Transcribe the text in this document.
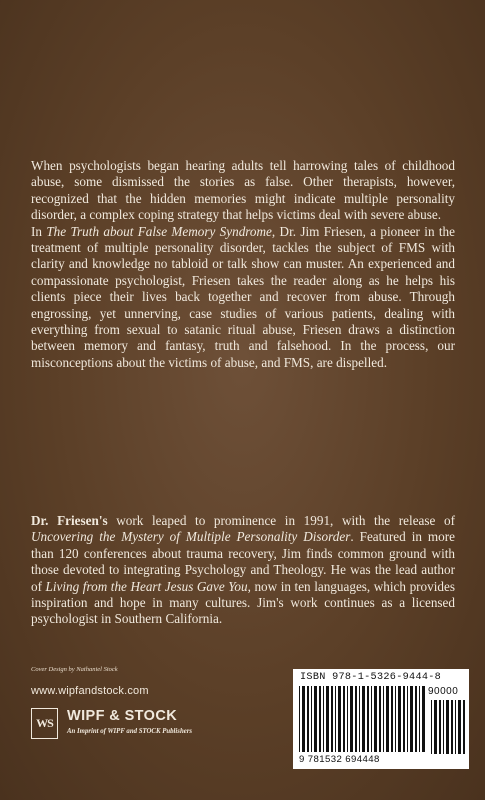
When psychologists began hearing adults tell harrowing tales of childhood abuse, some dismissed the stories as false. Other therapists, however, recognized that the hidden memories might indicate multiple personality disorder, a complex coping strategy that helps victims deal with severe abuse.

In The Truth about False Memory Syndrome, Dr. Jim Friesen, a pioneer in the treatment of multiple personality disorder, tackles the subject of FMS with clarity and knowledge no tabloid or talk show can muster. An experienced and compassionate psychologist, Friesen takes the reader along as he helps his clients piece their lives back together and recover from abuse. Through engrossing, yet unnerving, case studies of various patients, dealing with everything from sexual to satanic ritual abuse, Friesen draws a distinction between memory and fantasy, truth and falsehood. In the process, our misconceptions about the victims of abuse, and FMS, are dispelled.

Dr. Friesen's work leaped to prominence in 1991, with the release of Uncovering the Mystery of Multiple Personality Disorder. Featured in more than 120 conferences about trauma recovery, Jim finds common ground with those devoted to integrating Psychology and Theology. He was the lead author of Living from the Heart Jesus Gave You, now in ten languages, which provides inspiration and hope in many cultures. Jim's work continues as a licensed psychologist in Southern California.

Cover Design by Nathaniel Stock
www.wipfandstock.com
WS WIPF & STOCK
An Imprint of WIPF and STOCK Publishers
ISBN 978-1-5326-9444-8
90000
9 781532 694448
